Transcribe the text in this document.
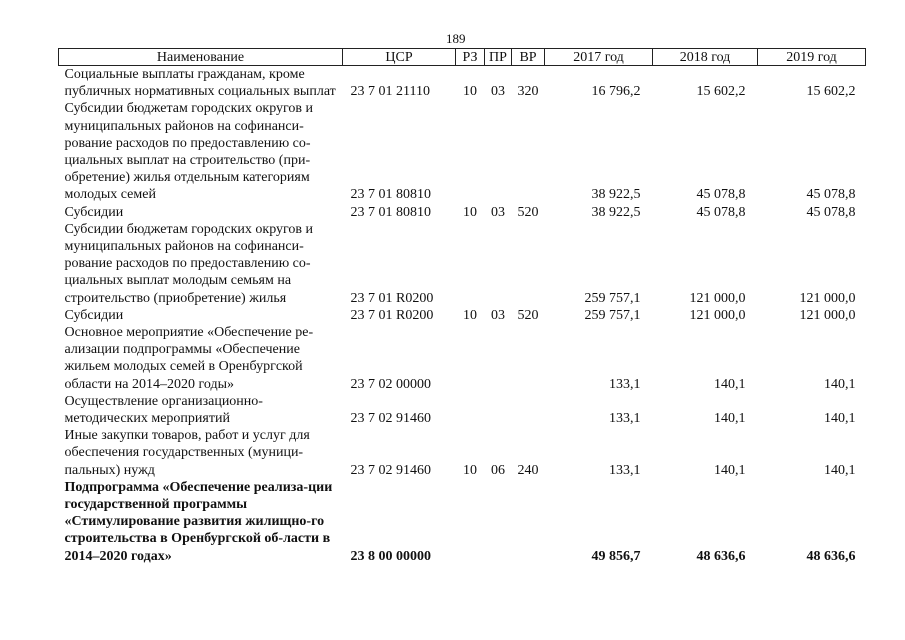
189
Наименование	ЦСР	РЗ	ПР	ВР	2017 год	2018 год	2019 год
Социальные выплаты гражданам, кроме публичных нормативных социальных выплат	23 7 01 21110	10	03	320	16 796,2	15 602,2	15 602,2
Субсидии бюджетам городских округов и муниципальных районов на софинанси-рование расходов по предоставлению со-циальных выплат на строительство (при-обретение) жилья отдельным категориям молодых семей	23 7 01 80810				38 922,5	45 078,8	45 078,8
Субсидии	23 7 01 80810	10	03	520	38 922,5	45 078,8	45 078,8
Субсидии бюджетам городских округов и муниципальных районов на софинанси-рование расходов по предоставлению со-циальных выплат молодым семьям на строительство (приобретение) жилья	23 7 01 R0200				259 757,1	121 000,0	121 000,0
Субсидии	23 7 01 R0200	10	03	520	259 757,1	121 000,0	121 000,0
Основное мероприятие «Обеспечение ре-ализации подпрограммы «Обеспечение жильем молодых семей в Оренбургской области на 2014–2020 годы»	23 7 02 00000				133,1	140,1	140,1
Осуществление организационно-методических мероприятий	23 7 02 91460				133,1	140,1	140,1
Иные закупки товаров, работ и услуг для обеспечения государственных (муници-пальных) нужд	23 7 02 91460	10	06	240	133,1	140,1	140,1
Подпрограмма «Обеспечение реализа-ции государственной программы «Стимулирование развития жилищно-го строительства в Оренбургской об-ласти в 2014–2020 годах»	23 8 00 00000				49 856,7	48 636,6	48 636,6
